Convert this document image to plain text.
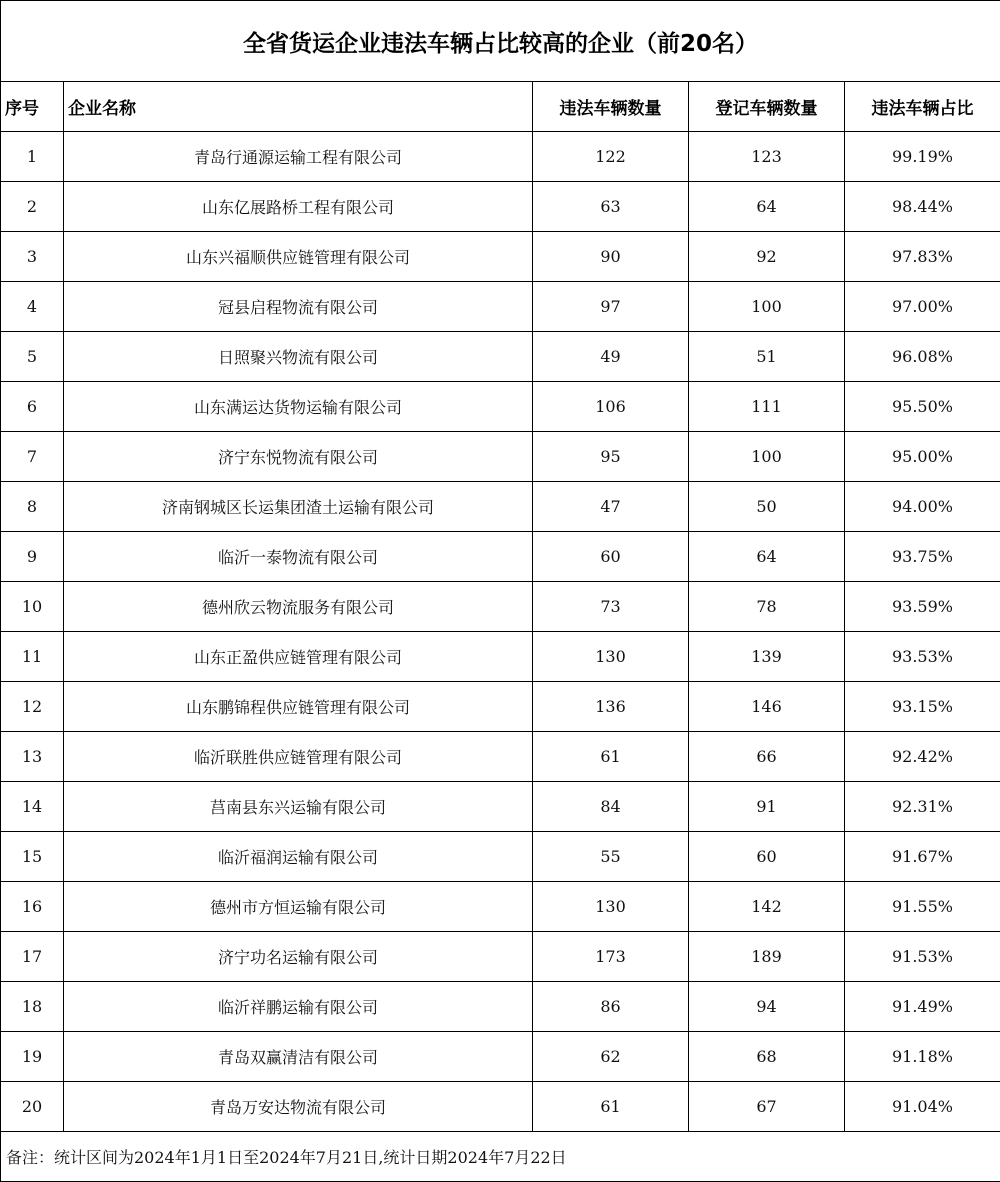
全省货运企业违法车辆占比较高的企业（前20名）				
序号	企业名称	违法车辆数量	登记车辆数量	违法车辆占比
1	青岛行通源运输工程有限公司	122	123	99.19%
2	山东亿展路桥工程有限公司	63	64	98.44%
3	山东兴福顺供应链管理有限公司	90	92	97.83%
4	冠县启程物流有限公司	97	100	97.00%
5	日照聚兴物流有限公司	49	51	96.08%
6	山东满运达货物运输有限公司	106	111	95.50%
7	济宁东悦物流有限公司	95	100	95.00%
8	济南钢城区长运集团渣土运输有限公司	47	50	94.00%
9	临沂一泰物流有限公司	60	64	93.75%
10	德州欣云物流服务有限公司	73	78	93.59%
11	山东正盈供应链管理有限公司	130	139	93.53%
12	山东鹏锦程供应链管理有限公司	136	146	93.15%
13	临沂联胜供应链管理有限公司	61	66	92.42%
14	莒南县东兴运输有限公司	84	91	92.31%
15	临沂福润运输有限公司	55	60	91.67%
16	德州市方恒运输有限公司	130	142	91.55%
17	济宁功名运输有限公司	173	189	91.53%
18	临沂祥鹏运输有限公司	86	94	91.49%
19	青岛双赢清洁有限公司	62	68	91.18%
20	青岛万安达物流有限公司	61	67	91.04%
备注：统计区间为2024年1月1日至2024年7月21日,统计日期2024年7月22日				
